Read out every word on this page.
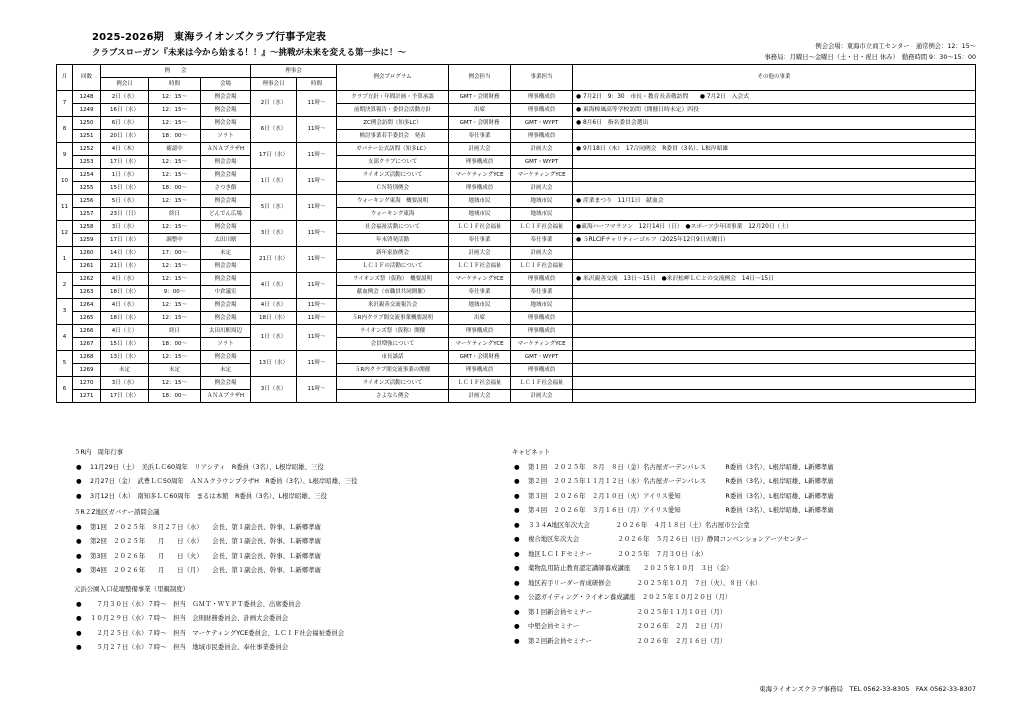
2025-2026期　東海ライオンズクラブ行事予定表
クラブスローガン『未来は今から始まる！！』〜挑戦が未来を変える第一歩に！〜
例会会場：東海市立商工センター　通常例会：12：15〜
事務局：月曜日〜金曜日（土・日・祝日 休み）　勤務時間 9：30〜15：00
月	回数	例　　会			理事会		例会プログラム	例会担当	事業担当	その他の事業
		例会日	時間	会場	理事会日	時間				
7	1248	2日（水）	12：15〜	例会会場	2日（水）	11時〜	クラブ方針・年間計画・予算承認	GMT・会則財務	理事構成員	● 7月2日　9：30　市長・教育長表敬訪問　　● 7月2日　入会式
	1249	16日（水）	12：15〜	例会会場			前期決算報告・委員会活動方針	出席	理事構成員	● 東海樟風高等学校訪問（開催日時未定）四役
8	1250	6日（水）	12：15〜	例会会場	6日（水）	11時〜	ZC例会訪問（知多LC）	GMT・会則財務	GMT・WYPT	● 8月6日　指名委員会選出
	1251	20日（水）	18：00〜	ソラト			検討事業若手委員会　発表	奉仕事業	理事構成員	
9	1252	4日（木）	確認中	ＡＮＡプラザH	17日（水）	11時〜	ガバナー公式訪問（知多LC）	計画大会	計画大会	● 9月18日（木）　17合同例会　R委員（3名）、L根岸昭雄
	1253	17日（水）	12：15〜	例会会場			支部クラブについて	理事構成員	GMT・WYPT	
10	1254	1日（水）	12：15〜	例会会場	1日（水）	11時〜	ライオンズ活動について	マーケティングYCE	マーケティングYCE	
	1255	15日（水）	18：00〜	さつき館			ＣＮ特別例会	理事構成員	計画大会	
11	1256	5日（水）	12：15〜	例会会場	5日（水）	11時〜	ウォーキング東海　概要説明	地域市民	地域市民	● 産業まつり　11月1日　献血会
	1257	23日（日）	終日	どんでん広場			ウォーキング東海	地域市民	地域市民	
12	1258	3日（水）	12：15〜	例会会場	3日（水）	11時〜	社会福祉活動について	ＬＣＩＦ社会福祉	ＬＣＩＦ社会福祉	●東海ハーフマラソン　12月14日（日）　●スポーツ少年団事業　12月20日（土）
	1259	17日（水）	調整中	太田川駅			年末啓発活動	奉仕事業	奉仕事業	● ５RLCIFチャリティーゴルフ（2025年12月9日火曜日）
1	1260	14日（水）	17：00〜	未定	21日（水）	11時〜	新年家族例会	計画大会	計画大会	
	1261	21日（水）	12：15〜	例会会場			ＬＣＩＦの活動について	ＬＣＩＦ社会福祉	ＬＣＩＦ社会福祉	
2	1262	4日（水）	12：15〜	例会会場	4日（水）	11時〜	ライオンズ祭（仮称）　概要説明	マーケティングYCE	理事構成員	● 米沢親善交流　13日〜15日　●米沢松岬ＬＣとの交流例会　14日〜15日
	1263	18日（水）	9：00〜	中倉議室			献血例会（市職員共同開催）	奉仕事業	奉仕事業	
3	1264	4日（水）	12：15〜	例会会場	4日（水）	11時〜	米沢親善交流報告会	地域市民	地域市民	
	1265	18日（水）	12：15〜	例会会場	18日（水）	11時〜	５R内クラブ間交流事業概要説明	出席	理事構成員	
4	1266	4日（土）	終日	太田川駅周辺	1日（水）	11時〜	ライオンズ祭（仮称）開催	理事構成員	理事構成員	
	1267	15日（水）	18：00〜	ソラト			会員増強について	マーケティングYCE	マーケティングYCE	
5	1268	13日（水）	12：15〜	例会会場	13日（水）	11時〜	市長談話	GMT・会則財務	GMT・WYPT	
	1269	未定	未定	未定			５R内クラブ間交流事業の開催	理事構成員	理事構成員	
6	1270	3日（水）	12：15〜	例会会場	3日（水）	11時〜	ライオンズ活動について	ＬＣＩＦ社会福祉	ＬＣＩＦ社会福祉	
	1271	17日（水）	18：00〜	ＡＮＡプラザH			さよなら例会	計画大会	計画大会	
５R内　周年行事
● 11月29日（土）　美浜ＬＣ60周年　リアシティ　R委員（3名）、L根岸昭雄、三役
● 2月27日（金）　武豊ＬＣ50周年　ＡＮＡクラウンプラザH　R委員（3名）、L根岸昭雄、三役
● 3月12日（木）　南知多ＬＣ60周年　まるは本館　R委員（3名）、L根岸昭雄、三役
５R２Z地区ガバナー諮問会議
● 第1回　２０２５年　８月２７日（水）　　会長、第１副会長、幹事、Ｌ新郷孝廣
● 第2回　２０２５年　　月　　日（水）　　会長、第１副会長、幹事、Ｌ新郷孝廣
● 第3回　２０２６年　　月　　日（火）　　会長、第１副会長、幹事、Ｌ新郷孝廣
● 第4回　２０２６年　　月　　日（月）　　会長、第１副会長、幹事、Ｌ新郷孝廣
元浜公園入口花壇整備事業（里親制度）
● 　７月３０日（水）７時〜　担当　ＧＭＴ・ＷＹＰＴ委員会、出席委員会
● １０月２９日（水）７時〜　担当　会則財務委員会、計画大会委員会
● 　２月２５日（水）７時〜　担当　マーケティングYCE委員会、ＬＣＩＦ社会福祉委員会
● 　５月２７日（水）７時〜　担当　地域市民委員会、奉仕事業委員会
キャビネット
● 第１回　２０２５年　８月　８日（金）名古屋ガーデンパレス　　　R委員（3名）、L根岸昭雄、L新郷孝廣
● 第２回　２０２５年１１月１２日（水）名古屋ガーデンパレス　　　R委員（3名）、L根岸昭雄、L新郷孝廣
● 第３回　２０２６年　２月１０日（火）アイリス愛知　　　　　　　R委員（3名）、L根岸昭雄、L新郷孝廣
● 第４回　２０２６年　３月１６日（月）アイリス愛知　　　　　　　R委員（3名）、L根岸昭雄、L新郷孝廣
● ３３４A地区年次大会　　　　２０２６年　４月１８日（土）名古屋市公会堂
● 複合地区年次大会　　　　　　２０２６年　５月２６日（日）静岡コンベンションアーツセンター
● 地区ＬＣＩＦセミナー　　　　２０２５年　７月３０日（水）
● 薬物乱用防止教育認定講師養成講座　　２０２５年１０月　３日（金）
● 地区若手リーダー育成研修会　　　　２０２５年１０月　７日（火）、８日（水）
● 公認ガイディング・ライオン養成講座　２０２５年１０月２０日（月）
● 第１回新会員セミナー　　　　　　　２０２５年１１月１０日（月）
● 中堅会員セミナー　　　　　　　　　２０２６年　２月　２日（月）
● 第２回新会員セミナー　　　　　　　２０２６年　２月１６日（月）
東海ライオンズクラブ事務局　TEL 0562-33-8305　FAX 0562-33-8307
